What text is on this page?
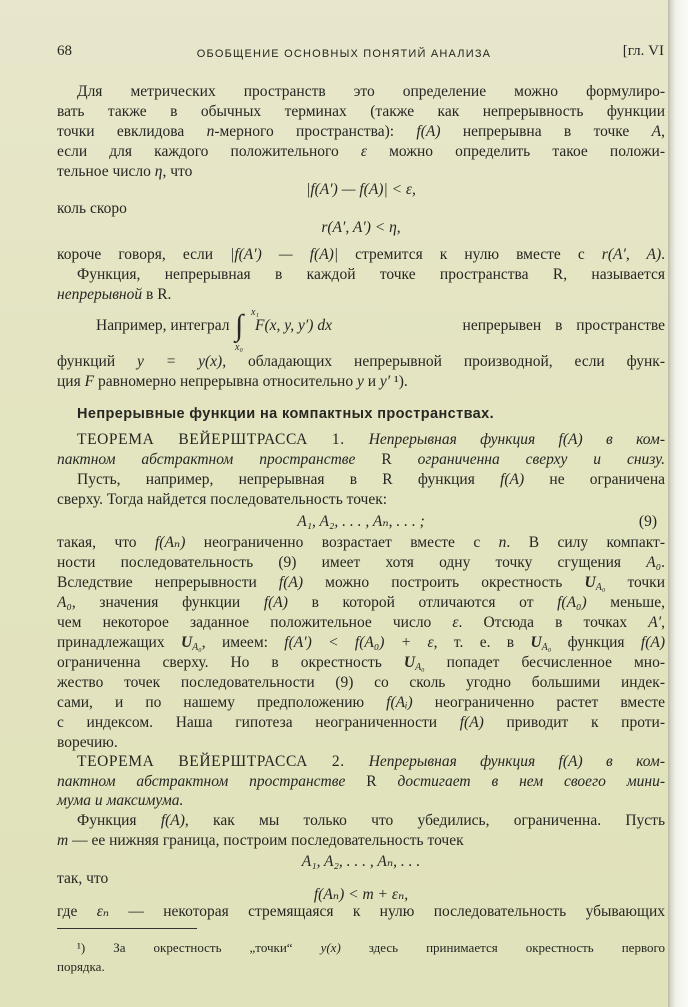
68	ОБОБЩЕНИЕ ОСНОВНЫХ ПОНЯТИЙ АНАЛИЗА	[гл. VI
Для метрических пространств это определение можно формулиро-
вать также в обычных терминах (также как непрерывность функции
точки евклидова n-мерного пространства): f(A) непрерывна в точке A,
если для каждого положительного ε можно определить такое положи-
тельное число η, что
|f(A′) — f(A)| < ε,
коль скоро
r(A′, A′) < η,
короче говоря, если |f(A′) — f(A)| стремится к нулю вместе с r(A′, A).
Функция, непрерывная в каждой точке пространства R, называется
непрерывной в R.
Например, интеграл ∫ x₁
x₀
F(x, y, y′) dx	непрерывен в пространстве
функций y = y(x), обладающих непрерывной производной, если функ-
ция F равномерно непрерывна относительно y и y′ ¹).
Непрерывные функции на компактных пространствах.
ТЕОРЕМА ВЕЙЕРШТРАССА 1. Непрерывная функция f(A) в ком-
пактном абстрактном пространстве R ограниченна сверху и снизу.
Пусть, например, непрерывная в R функция f(A) не ограничена
сверху. Тогда найдется последовательность точек:
A₁, A₂, . . . , Aₙ, . . . ;	(9)
такая, что f(Aₙ) неограниченно возрастает вместе с n. В силу компакт-
ности последовательность (9) имеет хотя одну точку сгущения A₀.
Вследствие непрерывности f(A) можно построить окрестность $U_{A_0}$ точки
A₀, значения функции f(A) в которой отличаются от f(A₀) меньше,
чем некоторое заданное положительное число ε. Отсюда в точках A′,
принадлежащих $U_{A_0}$, имеем: f(A′) < f(A₀) + ε, т. е. в $U_{A_0}$ функция f(A)
ограниченна сверху. Но в окрестность $U_{A_0}$ попадет бесчисленное мно-
жество точек последовательности (9) со сколь угодно большими индек-
сами, и по нашему предположению f(Aᵢ) неограниченно растет вместе
с индексом. Наша гипотеза неограниченности f(A) приводит к проти-
воречию.
ТЕОРЕМА ВЕЙЕРШТРАССА 2. Непрерывная функция f(A) в ком-
пактном абстрактном пространстве R достигает в нем своего мини-
мума и максимума.
Функция f(A), как мы только что убедились, ограниченна. Пусть
m — ее нижняя граница, построим последовательность точек
A₁, A₂, . . . , Aₙ, . . .
так, что
f(Aₙ) < m + εₙ,
где εₙ — некоторая стремящаяся к нулю последовательность убывающих
¹) За окрестность „точки“ y(x) здесь принимается окрестность первого
порядка.
